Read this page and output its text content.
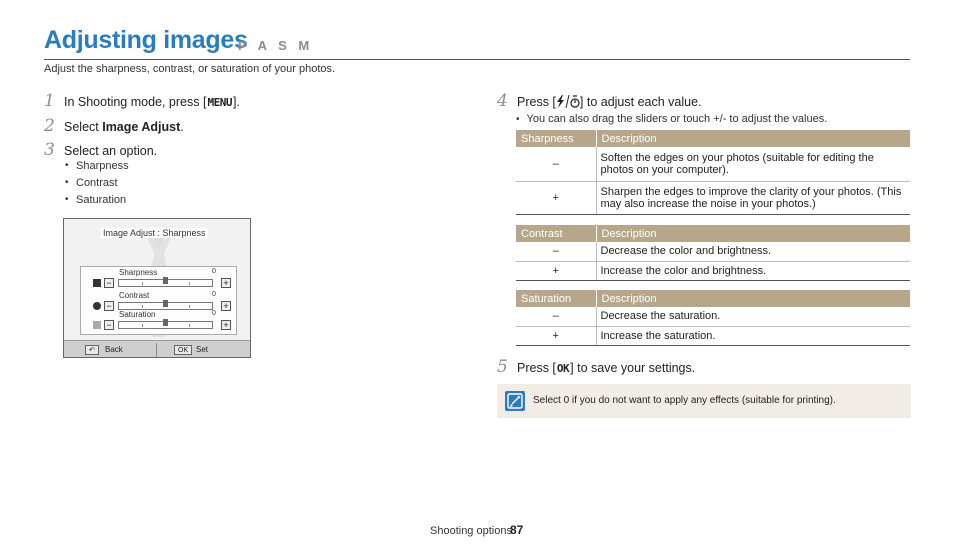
Adjusting images
P A S M
Adjust the sharpness, contrast, or saturation of your photos.
1 In Shooting mode, press [MENU].
2 Select Image Adjust.
3 Select an option.
• Sharpness
• Contrast
• Saturation
Image Adjust : Sharpness
Sharpness	0
−	+
Contrast	0
−	+
Saturation	0
−	+
↶	Back	OK Set
4 Press [ ] to adjust each value.
• You can also drag the sliders or touch +/- to adjust the values.
Sharpness	Description
–	Soften the edges on your photos (suitable for editing the photos on your computer).
+	Sharpen the edges to improve the clarity of your photos. (This may also increase the noise in your photos.)
Contrast	Description
–	Decrease the color and brightness.
+	Increase the color and brightness.
Saturation	Description
–	Decrease the saturation.
+	Increase the saturation.
5 Press [OK] to save your settings.
Select 0 if you do not want to apply any effects (suitable for printing).
Shooting options
87
